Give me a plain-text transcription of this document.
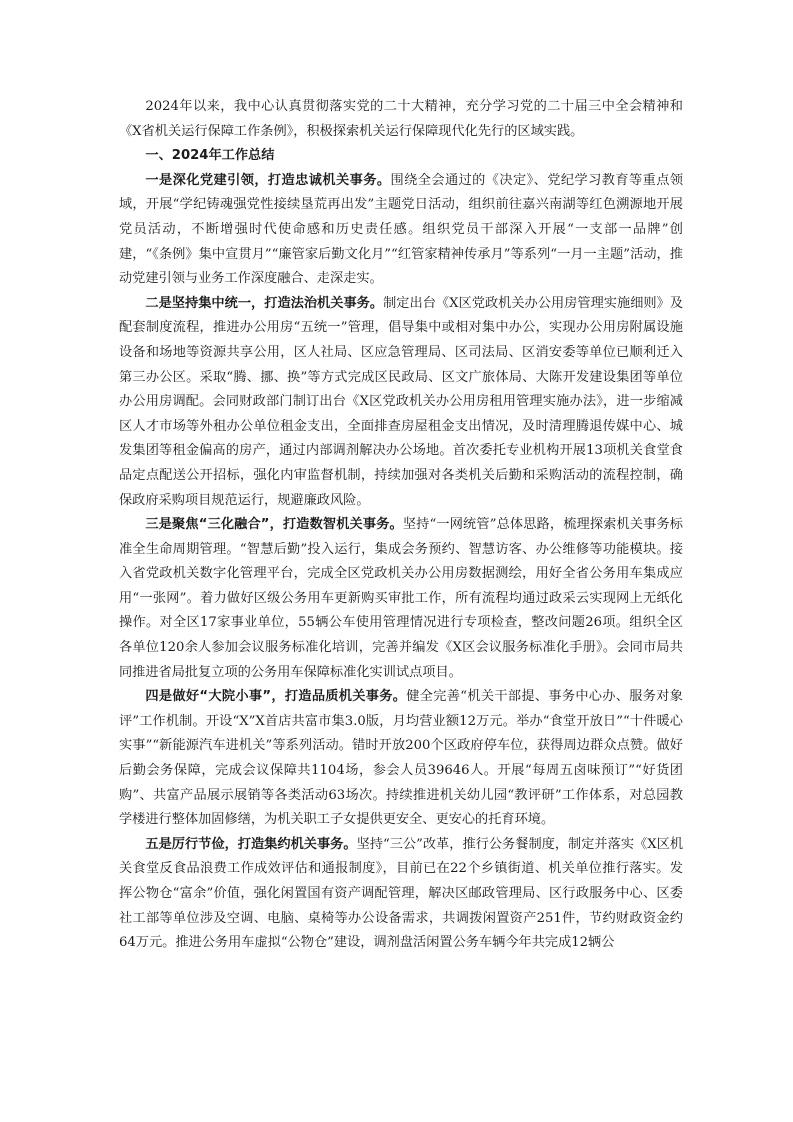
2024年以来，我中心认真贯彻落实党的二十大精神，充分学习党的二十届三中全会精神和《X省机关运行保障工作条例》，积极探索机关运行保障现代化先行的区域实践。

一、2024年工作总结

一是深化党建引领，打造忠诚机关事务。围绕全会通过的《决定》、党纪学习教育等重点领域，开展“学纪铸魂强党性接续垦荒再出发”主题党日活动，组织前往嘉兴南湖等红色溯源地开展党员活动，不断增强时代使命感和历史责任感。组织党员干部深入开展“一支部一品牌”创建，“《条例》集中宣贯月”“廉管家后勤文化月”“红管家精神传承月”等系列“一月一主题”活动，推动党建引领与业务工作深度融合、走深走实。

二是坚持集中统一，打造法治机关事务。制定出台《X区党政机关办公用房管理实施细则》及配套制度流程，推进办公用房“五统一”管理，倡导集中或相对集中办公，实现办公用房附属设施设备和场地等资源共享公用，区人社局、区应急管理局、区司法局、区消安委等单位已顺利迁入第三办公区。采取“腾、挪、换”等方式完成区民政局、区文广旅体局、大陈开发建设集团等单位办公用房调配。会同财政部门制订出台《X区党政机关办公用房租用管理实施办法》，进一步缩减区人才市场等外租办公单位租金支出，全面排查房屋租金支出情况，及时清理腾退传媒中心、城发集团等租金偏高的房产，通过内部调剂解决办公场地。首次委托专业机构开展13项机关食堂食品定点配送公开招标，强化内审监督机制，持续加强对各类机关后勤和采购活动的流程控制，确保政府采购项目规范运行，规避廉政风险。

三是聚焦“三化融合”，打造数智机关事务。坚持“一网统管”总体思路，梳理探索机关事务标准全生命周期管理。“智慧后勤”投入运行，集成会务预约、智慧访客、办公维修等功能模块。接入省党政机关数字化管理平台，完成全区党政机关办公用房数据测绘，用好全省公务用车集成应用“一张网”。着力做好区级公务用车更新购买审批工作，所有流程均通过政采云实现网上无纸化操作。对全区17家事业单位，55辆公车使用管理情况进行专项检查，整改问题26项。组织全区各单位120余人参加会议服务标准化培训，完善并编发《X区会议服务标准化手册》。会同市局共同推进省局批复立项的公务用车保障标准化实训试点项目。

四是做好“大院小事”，打造品质机关事务。健全完善“机关干部提、事务中心办、服务对象评”工作机制。开设“X”X首店共富市集3.0版，月均营业额12万元。举办“食堂开放日”“十件暖心实事”“新能源汽车进机关”等系列活动。错时开放200个区政府停车位，获得周边群众点赞。做好后勤会务保障，完成会议保障共1104场，参会人员39646人。开展“每周五卤味预订”“好货团购”、共富产品展示展销等各类活动63场次。持续推进机关幼儿园“教评研”工作体系，对总园教学楼进行整体加固修缮，为机关职工子女提供更安全、更安心的托育环境。

五是厉行节俭，打造集约机关事务。坚持“三公”改革，推行公务餐制度，制定并落实《X区机关食堂反食品浪费工作成效评估和通报制度》，目前已在22个乡镇街道、机关单位推行落实。发挥公物仓“富余”价值，强化闲置国有资产调配管理，解决区邮政管理局、区行政服务中心、区委社工部等单位涉及空调、电脑、桌椅等办公设备需求，共调拨闲置资产251件，节约财政资金约64万元。推进公务用车虚拟“公物仓”建设，调剂盘活闲置公务车辆今年共完成12辆公
